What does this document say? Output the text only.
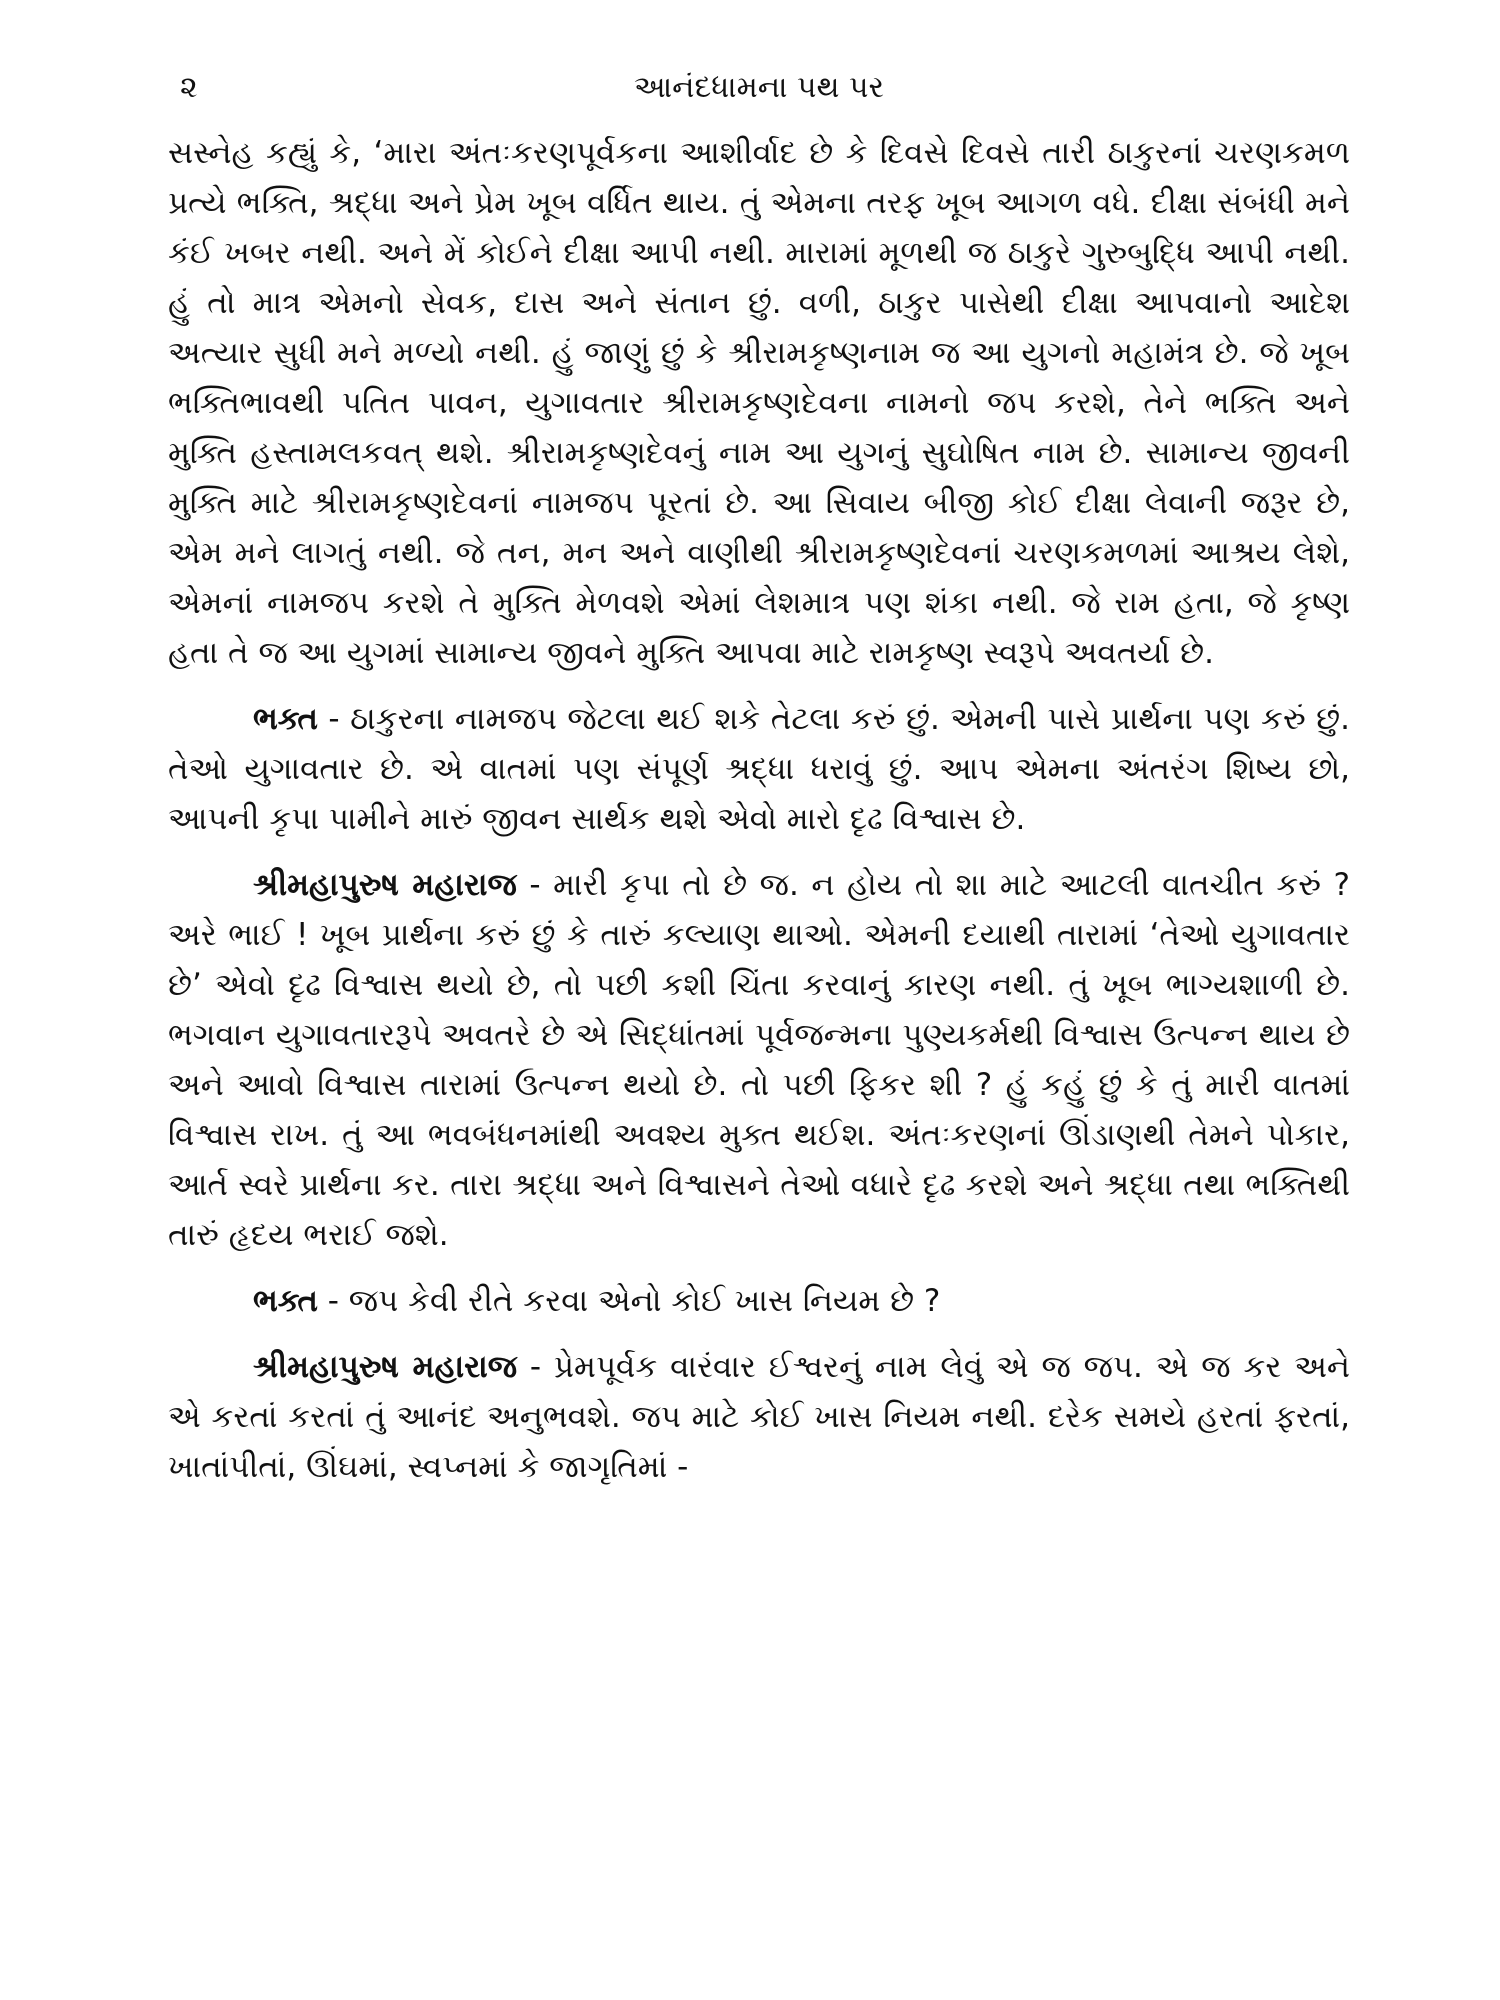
૨	આનંદધામના પથ પર

સસ્નેહ કહ્યું કે, ‘મારા અંતઃકરણપૂર્વકના આશીર્વાદ છે કે દિવસે દિવસે તારી ઠાકુરનાં ચરણકમળ પ્રત્યે ભક્તિ, શ્રદ્ધા અને પ્રેમ ખૂબ વર્ધિત થાય. તું એમના તરફ ખૂબ આગળ વધે. દીક્ષા સંબંધી મને કંઈ ખબર નથી. અને મેં કોઈને દીક્ષા આપી નથી. મારામાં મૂળથી જ ઠાકુરે ગુરુબુદ્ધિ આપી નથી. હું તો માત્ર એમનો સેવક, દાસ અને સંતાન છું. વળી, ઠાકુર પાસેથી દીક્ષા આપવાનો આદેશ અત્યાર સુધી મને મળ્યો નથી. હું જાણું છું કે શ્રીરામકૃષ્ણનામ જ આ યુગનો મહામંત્ર છે. જે ખૂબ ભક્તિભાવથી પતિત પાવન, યુગાવતાર શ્રીરામકૃષ્ણદેવના નામનો જપ કરશે, તેને ભક્તિ અને મુક્તિ હસ્તામલકવત્ થશે. શ્રીરામકૃષ્ણદેવનું નામ આ યુગનું સુઘોષિત નામ છે. સામાન્ય જીવની મુક્તિ માટે શ્રીરામકૃષ્ણદેવનાં નામજપ પૂરતાં છે. આ સિવાય બીજી કોઈ દીક્ષા લેવાની જરૂર છે, એમ મને લાગતું નથી. જે તન, મન અને વાણીથી શ્રીરામકૃષ્ણદેવનાં ચરણકમળમાં આશ્રય લેશે, એમનાં નામજપ કરશે તે મુક્તિ મેળવશે એમાં લેશમાત્ર પણ શંકા નથી. જે રામ હતા, જે કૃષ્ણ હતા તે જ આ યુગમાં સામાન્ય જીવને મુક્તિ આપવા માટે રામકૃષ્ણ સ્વરૂપે અવતર્યા છે.

ભક્ત - ઠાકુરના નામજપ જેટલા થઈ શકે તેટલા કરું છું. એમની પાસે પ્રાર્થના પણ કરું છું. તેઓ યુગાવતાર છે. એ વાતમાં પણ સંપૂર્ણ શ્રદ્ધા ધરાવું છું. આપ એમના અંતરંગ શિષ્ય છો, આપની કૃપા પામીને મારું જીવન સાર્થક થશે એવો મારો દૃઢ વિશ્વાસ છે.

શ્રીમહાપુરુષ મહારાજ - મારી કૃપા તો છે જ. ન હોય તો શા માટે આટલી વાતચીત કરું ? અરે ભાઈ ! ખૂબ પ્રાર્થના કરું છું કે તારું કલ્યાણ થાઓ. એમની દયાથી તારામાં ‘તેઓ યુગાવતાર છે’ એવો દૃઢ વિશ્વાસ થયો છે, તો પછી કશી ચિંતા કરવાનું કારણ નથી. તું ખૂબ ભાગ્યશાળી છે. ભગવાન યુગાવતારરૂપે અવતરે છે એ સિદ્ધાંતમાં પૂર્વજન્મના પુણ્યકર્મથી વિશ્વાસ ઉત્પન્ન થાય છે અને આવો વિશ્વાસ તારામાં ઉત્પન્ન થયો છે. તો પછી ફિકર શી ? હું કહું છું કે તું મારી વાતમાં વિશ્વાસ રાખ. તું આ ભવબંધનમાંથી અવશ્ય મુક્ત થઈશ. અંતઃકરણનાં ઊંડાણથી તેમને પોકાર, આર્ત સ્વરે પ્રાર્થના કર. તારા શ્રદ્ધા અને વિશ્વાસને તેઓ વધારે દૃઢ કરશે અને શ્રદ્ધા તથા ભક્તિથી તારું હૃદય ભરાઈ જશે.

ભક્ત - જપ કેવી રીતે કરવા એનો કોઈ ખાસ નિયમ છે ?

શ્રીમહાપુરુષ મહારાજ - પ્રેમપૂર્વક વારંવાર ઈશ્વરનું નામ લેવું એ જ જપ. એ જ કર અને એ કરતાં કરતાં તું આનંદ અનુભવશે. જપ માટે કોઈ ખાસ નિયમ નથી. દરેક સમયે હરતાં ફરતાં, ખાતાંપીતાં, ઊંઘમાં, સ્વપ્નમાં કે જાગૃતિમાં -
